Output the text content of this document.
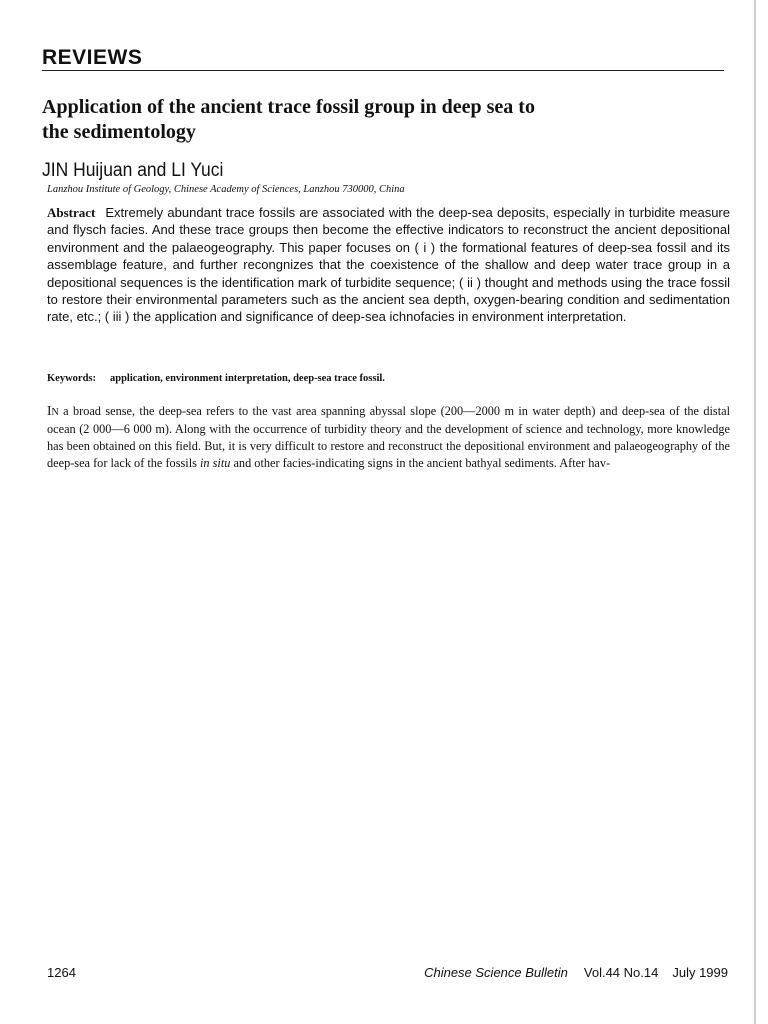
REVIEWS
Application of the ancient trace fossil group in deep sea to
the sedimentology
JIN Huijuan and LI Yuci
Lanzhou Institute of Geology, Chinese Academy of Sciences, Lanzhou 730000, China

Abstract Extremely abundant trace fossils are associated with the deep-sea deposits, especially in turbidite measure and flysch facies. And these trace groups then become the effective indicators to reconstruct the ancient depositional environment and the palaeogeography. This paper focuses on ( i ) the formational features of deep-sea fossil and its assemblage feature, and further recongnizes that the coexistence of the shallow and deep water trace group in a depositional sequences is the identification mark of turbidite sequence; ( ii ) thought and methods using the trace fossil to restore their environmental parameters such as the ancient sea depth, oxygen-bearing condition and sedimentation rate, etc.; ( iii ) the application and significance of deep-sea ichnofacies in environment interpretation.

Keywords: application, environment interpretation, deep-sea trace fossil.

IN a broad sense, the deep-sea refers to the vast area spanning abyssal slope (200—2000 m in water depth) and deep-sea of the distal ocean (2 000—6 000 m). Along with the occurrence of turbidity theory and the development of science and technology, more knowledge has been obtained on this field. But, it is very difficult to restore and reconstruct the depositional environment and palaeogeography of the deep-sea for lack of the fossils in situ and other facies-indicating signs in the ancient bathyal sediments. After hav-

1264	Chinese Science Bulletin Vol.44 No.14 July 1999
